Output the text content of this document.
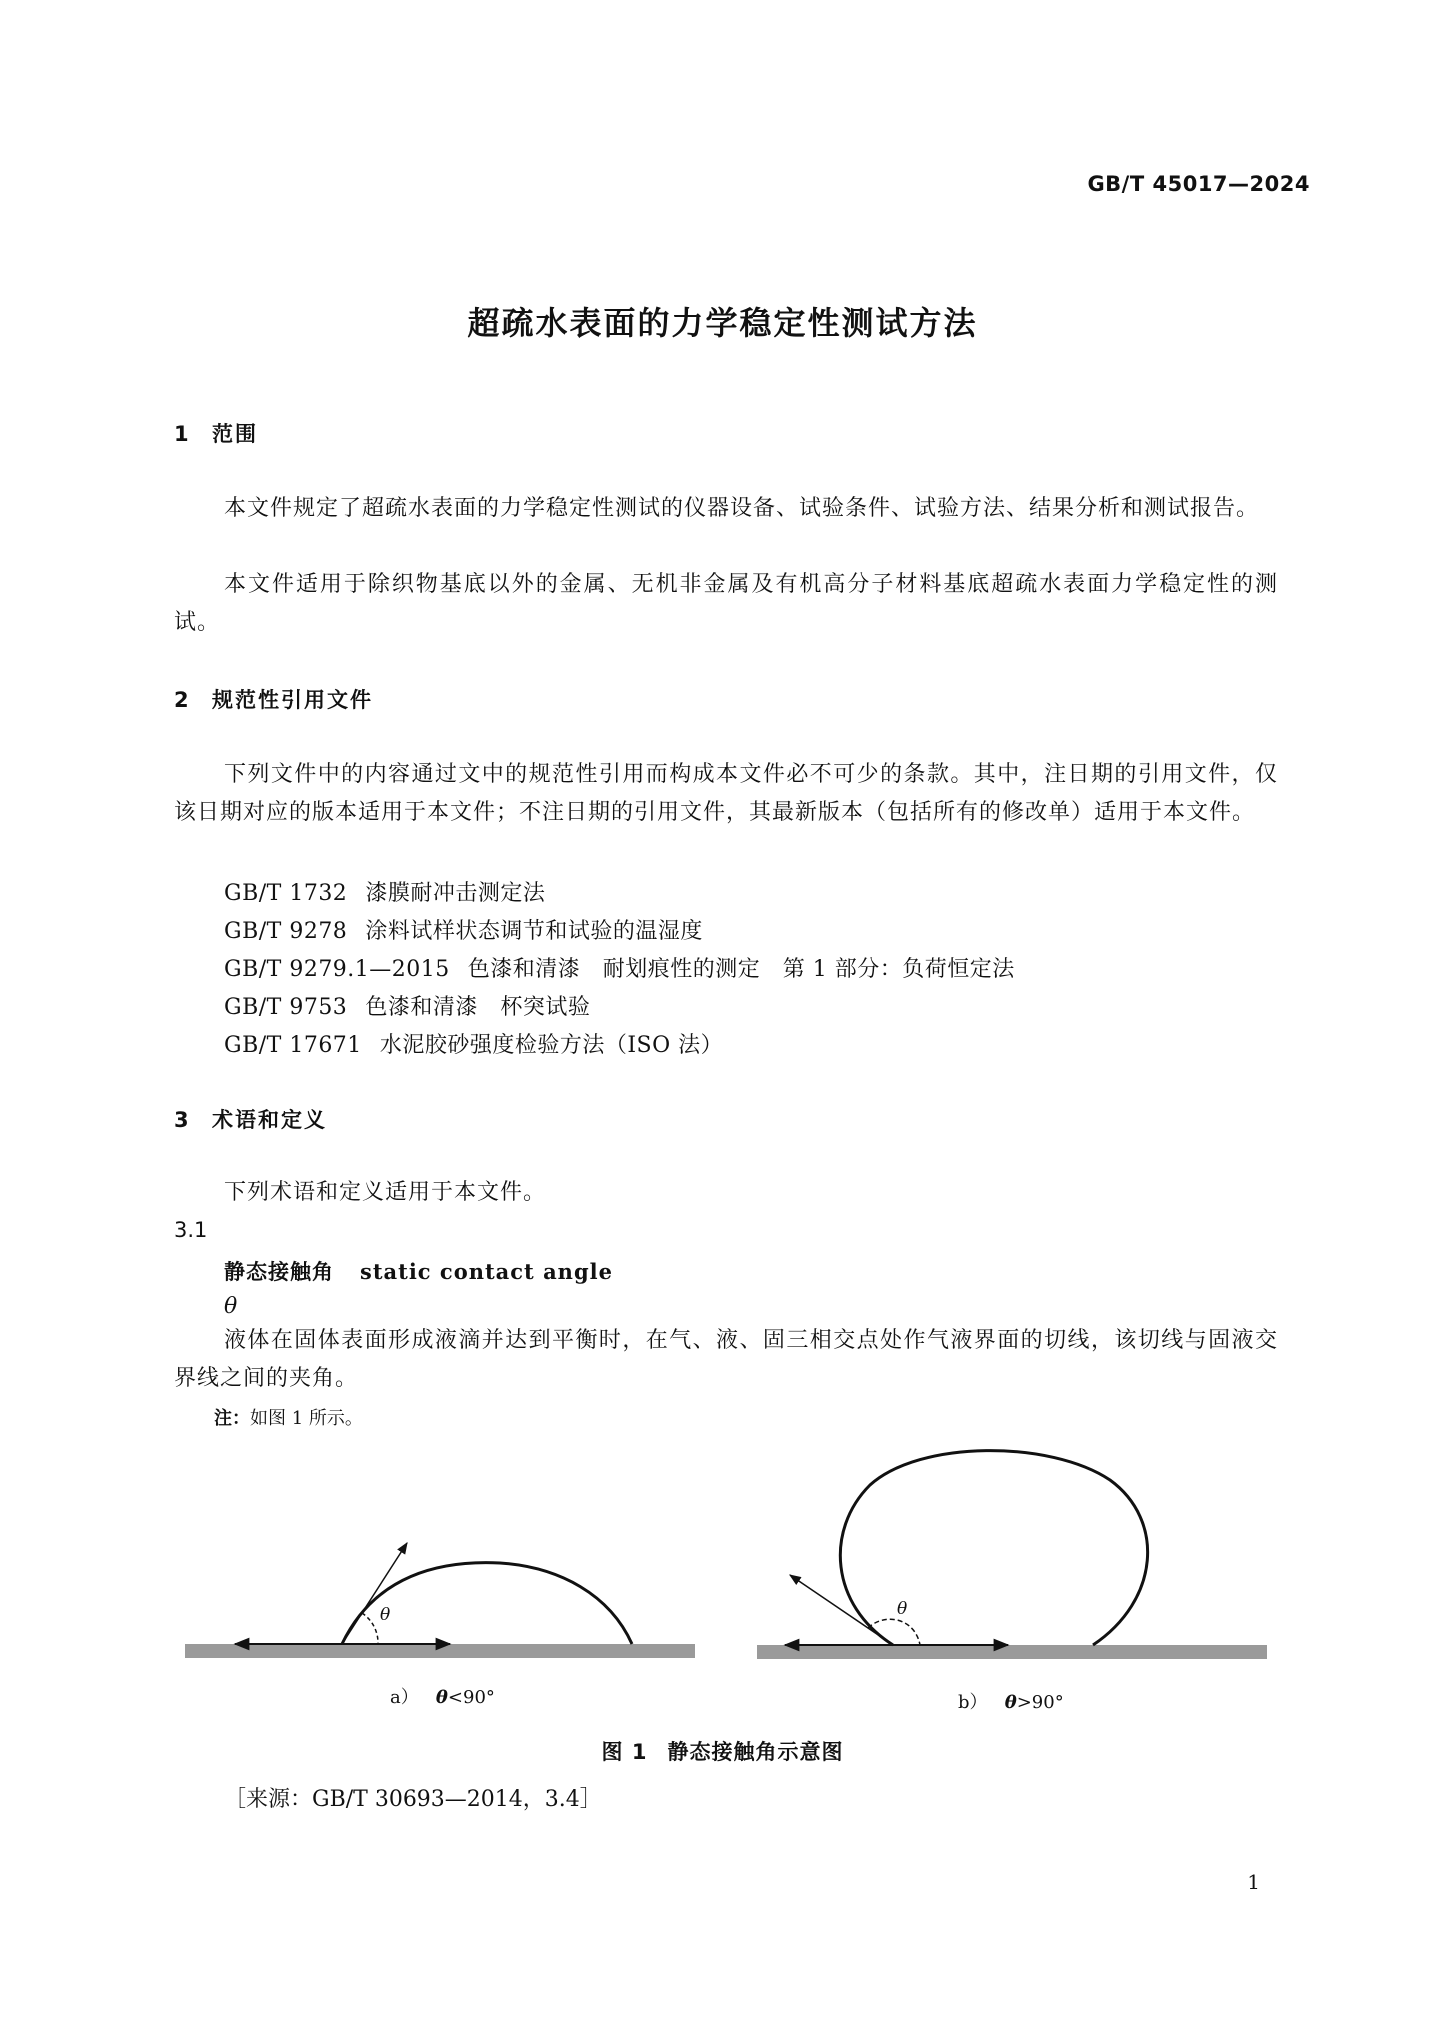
GB/T 45017—2024
超疏水表面的力学稳定性测试方法
1 范围

本文件规定了超疏水表面的力学稳定性测试的仪器设备、试验条件、试验方法、结果分析和测试报告。

本文件适用于除织物基底以外的金属、无机非金属及有机高分子材料基底超疏水表面力学稳定性的测试。

2 规范性引用文件

下列文件中的内容通过文中的规范性引用而构成本文件必不可少的条款。其中，注日期的引用文件，仅该日期对应的版本适用于本文件；不注日期的引用文件，其最新版本（包括所有的修改单）适用于本文件。

GB/T 1732 漆膜耐冲击测定法
GB/T 9278 涂料试样状态调节和试验的温湿度
GB/T 9279.1—2015 色漆和清漆　耐划痕性的测定　第 1 部分：负荷恒定法
GB/T 9753 色漆和清漆　杯突试验
GB/T 17671 水泥胶砂强度检验方法（ISO 法）
3 术语和定义

下列术语和定义适用于本文件。

3.1
静态接触角 static contact angle
θ

液体在固体表面形成液滴并达到平衡时，在气、液、固三相交点处作气液界面的切线，该切线与固液交界线之间的夹角。

注：如图 1 所示。
θ	θ
a） θ<90°	b） θ>90°
图 1 静态接触角示意图
［来源：GB/T 30693—2014，3.4］
1
